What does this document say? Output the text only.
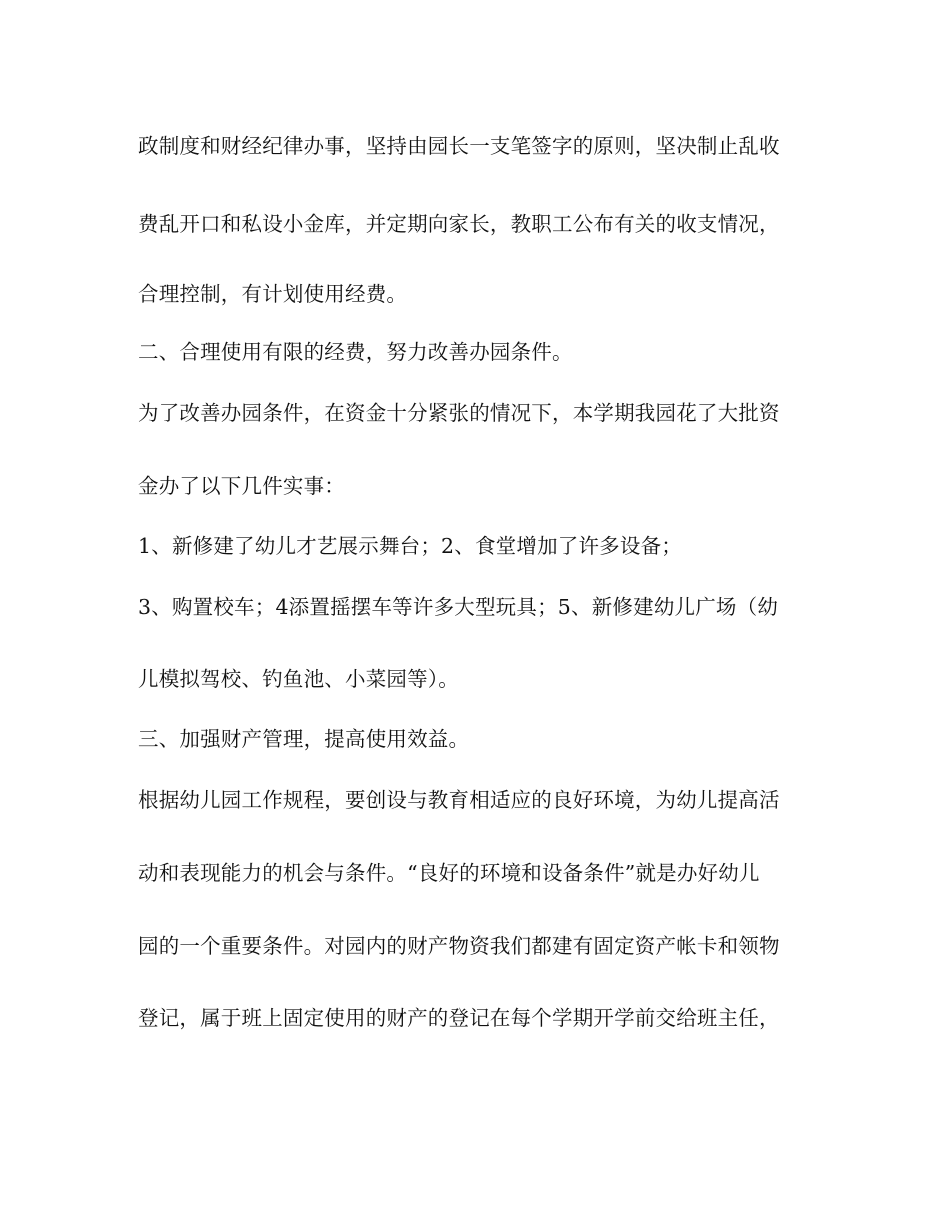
政制度和财经纪律办事，坚持由园长一支笔签字的原则，坚决制止乱收
费乱开口和私设小金库，并定期向家长，教职工公布有关的收支情况，
合理控制，有计划使用经费。
二、合理使用有限的经费，努力改善办园条件。
为了改善办园条件，在资金十分紧张的情况下，本学期我园花了大批资
金办了以下几件实事：
1、新修建了幼儿才艺展示舞台；2、食堂增加了许多设备；
3、购置校车；4添置摇摆车等许多大型玩具；5、新修建幼儿广场（幼
儿模拟驾校、钓鱼池、小菜园等）。
三、加强财产管理，提高使用效益。
根据幼儿园工作规程，要创设与教育相适应的良好环境，为幼儿提高活
动和表现能力的机会与条件。“良好的环境和设备条件”就是办好幼儿
园的一个重要条件。对园内的财产物资我们都建有固定资产帐卡和领物
登记，属于班上固定使用的财产的登记在每个学期开学前交给班主任，
